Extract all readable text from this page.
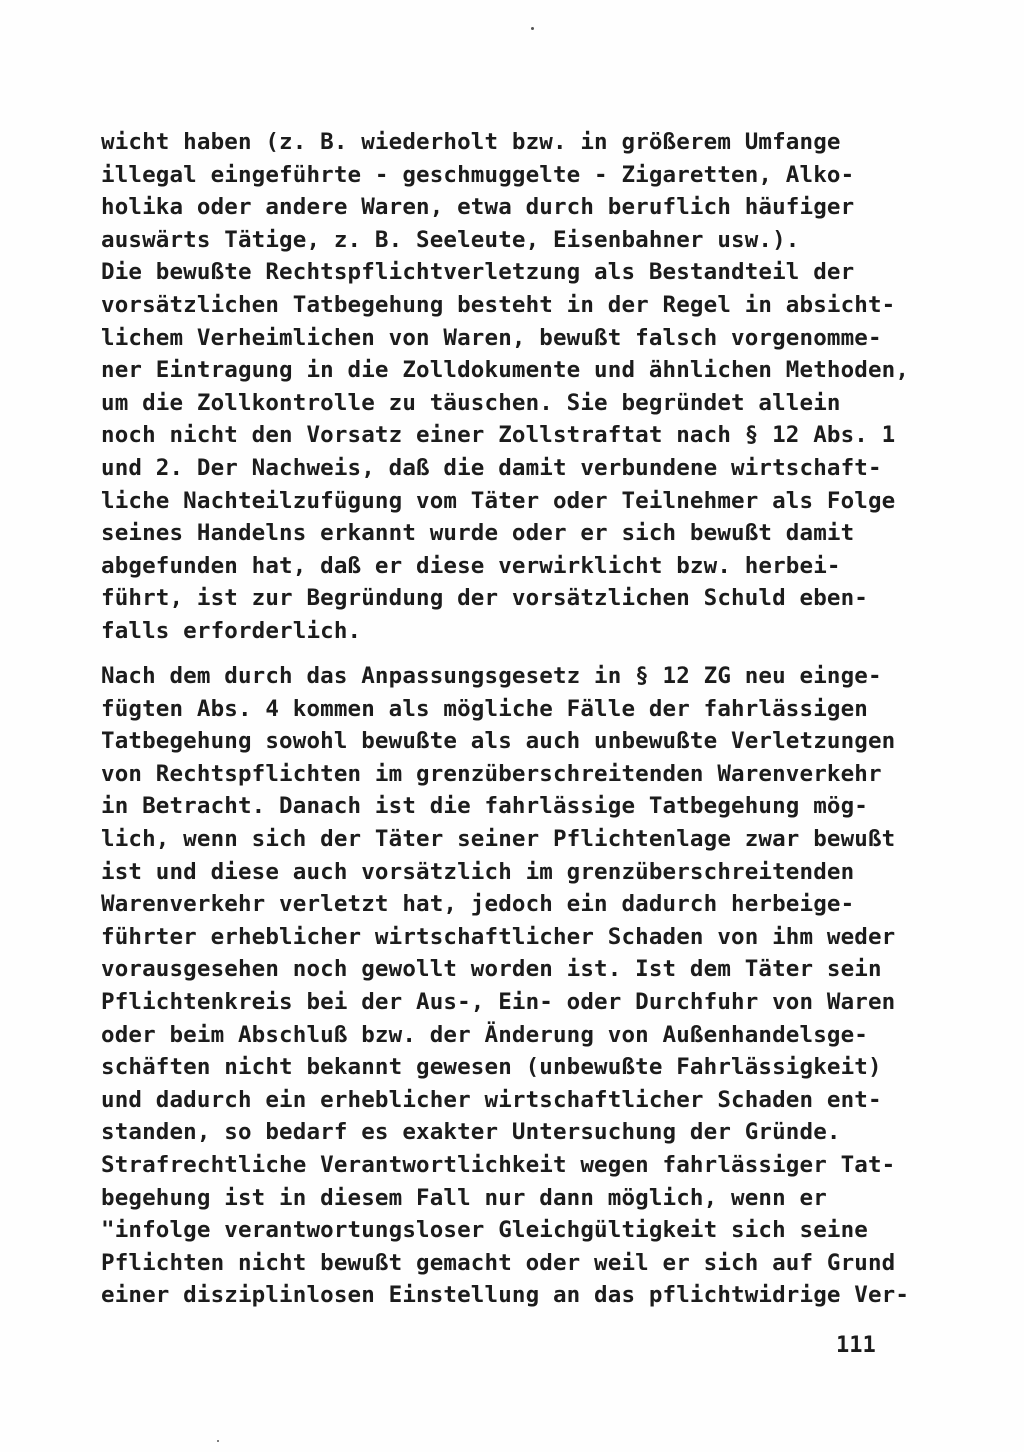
wicht haben (z. B. wiederholt bzw. in größerem Umfange
illegal eingeführte - geschmuggelte - Zigaretten, Alko-
holika oder andere Waren, etwa durch beruflich häufiger
auswärts Tätige, z. B. Seeleute, Eisenbahner usw.).
Die bewußte Rechtspflichtverletzung als Bestandteil der
vorsätzlichen Tatbegehung besteht in der Regel in absicht-
lichem Verheimlichen von Waren, bewußt falsch vorgenomme-
ner Eintragung in die Zolldokumente und ähnlichen Methoden,
um die Zollkontrolle zu täuschen. Sie begründet allein
noch nicht den Vorsatz einer Zollstraftat nach § 12 Abs. 1
und 2. Der Nachweis, daß die damit verbundene wirtschaft-
liche Nachteilzufügung vom Täter oder Teilnehmer als Folge
seines Handelns erkannt wurde oder er sich bewußt damit
abgefunden hat, daß er diese verwirklicht bzw. herbei-
führt, ist zur Begründung der vorsätzlichen Schuld eben-
falls erforderlich.
Nach dem durch das Anpassungsgesetz in § 12 ZG neu einge-
fügten Abs. 4 kommen als mögliche Fälle der fahrlässigen
Tatbegehung sowohl bewußte als auch unbewußte Verletzungen
von Rechtspflichten im grenzüberschreitenden Warenverkehr
in Betracht. Danach ist die fahrlässige Tatbegehung mög-
lich, wenn sich der Täter seiner Pflichtenlage zwar bewußt
ist und diese auch vorsätzlich im grenzüberschreitenden
Warenverkehr verletzt hat, jedoch ein dadurch herbeige-
führter erheblicher wirtschaftlicher Schaden von ihm weder
vorausgesehen noch gewollt worden ist. Ist dem Täter sein
Pflichtenkreis bei der Aus-, Ein- oder Durchfuhr von Waren
oder beim Abschluß bzw. der Änderung von Außenhandelsge-
schäften nicht bekannt gewesen (unbewußte Fahrlässigkeit)
und dadurch ein erheblicher wirtschaftlicher Schaden ent-
standen, so bedarf es exakter Untersuchung der Gründe.
Strafrechtliche Verantwortlichkeit wegen fahrlässiger Tat-
begehung ist in diesem Fall nur dann möglich, wenn er
"infolge verantwortungsloser Gleichgültigkeit sich seine
Pflichten nicht bewußt gemacht oder weil er sich auf Grund
einer disziplinlosen Einstellung an das pflichtwidrige Ver-
111
